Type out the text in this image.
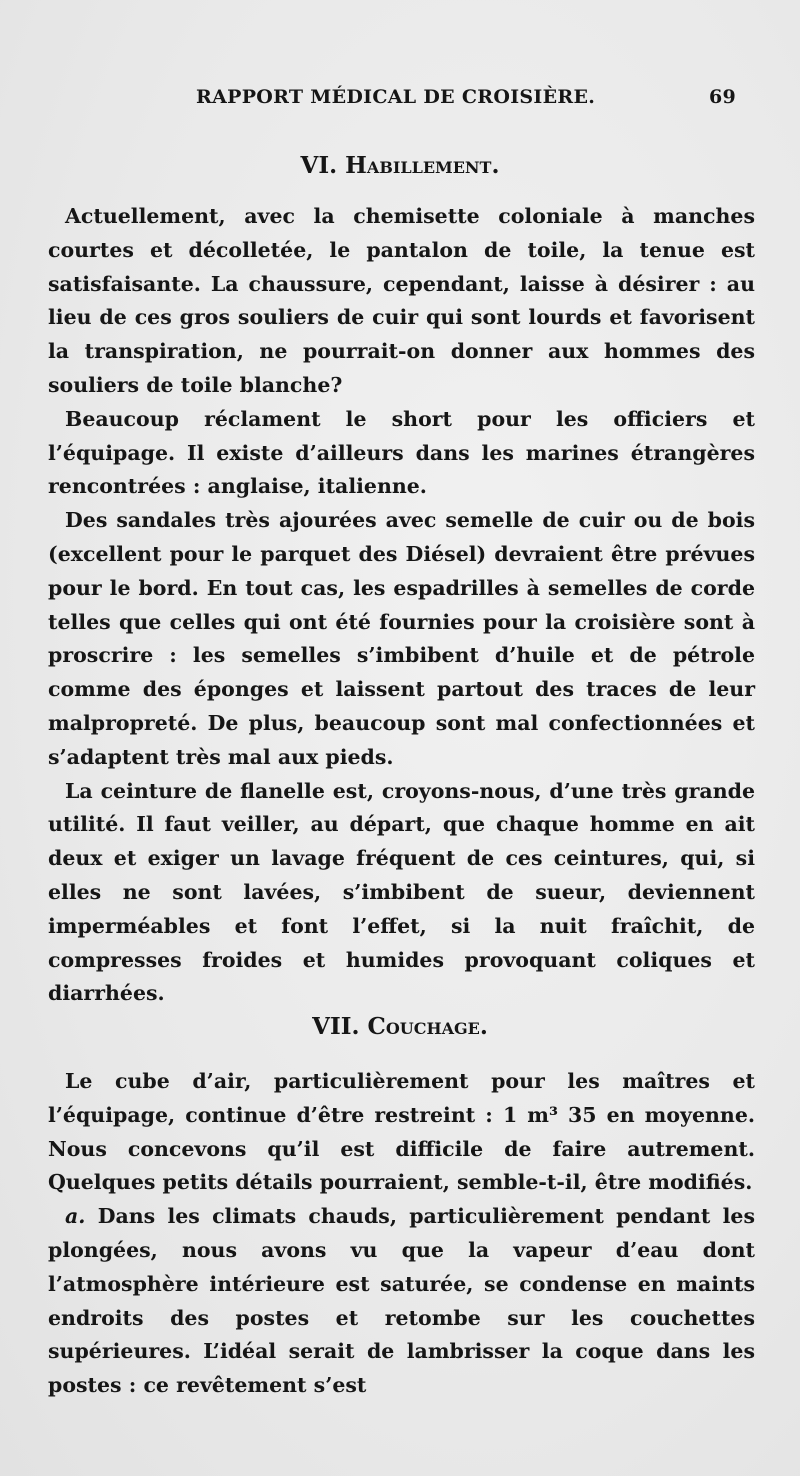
RAPPORT MÉDICAL DE CROISIÈRE.	69
VI. Habillement.

Actuellement, avec la chemisette coloniale à manches courtes et décolletée, le pantalon de toile, la tenue est satisfaisante. La chaussure, cependant, laisse à désirer : au lieu de ces gros souliers de cuir qui sont lourds et favorisent la transpiration, ne pourrait-on donner aux hommes des souliers de toile blanche?

Beaucoup réclament le short pour les officiers et l’équipage. Il existe d’ailleurs dans les marines étrangères rencontrées : anglaise, italienne.

Des sandales très ajourées avec semelle de cuir ou de bois (excellent pour le parquet des Diésel) devraient être prévues pour le bord. En tout cas, les espadrilles à semelles de corde telles que celles qui ont été fournies pour la croisière sont à proscrire : les semelles s’imbibent d’huile et de pétrole comme des éponges et laissent partout des traces de leur malpropreté. De plus, beaucoup sont mal confectionnées et s’adaptent très mal aux pieds.

La ceinture de flanelle est, croyons-nous, d’une très grande utilité. Il faut veiller, au départ, que chaque homme en ait deux et exiger un lavage fréquent de ces ceintures, qui, si elles ne sont lavées, s’imbibent de sueur, deviennent imperméables et font l’effet, si la nuit fraîchit, de compresses froides et humides provoquant coliques et diarrhées.

VII. Couchage.

Le cube d’air, particulièrement pour les maîtres et l’équipage, continue d’être restreint : 1 m³ 35 en moyenne. Nous concevons qu’il est difficile de faire autrement. Quelques petits détails pourraient, semble-t-il, être modifiés.

a. Dans les climats chauds, particulièrement pendant les plongées, nous avons vu que la vapeur d’eau dont l’atmosphère intérieure est saturée, se condense en maints endroits des postes et retombe sur les couchettes supérieures. L’idéal serait de lambrisser la coque dans les postes : ce revêtement s’est
